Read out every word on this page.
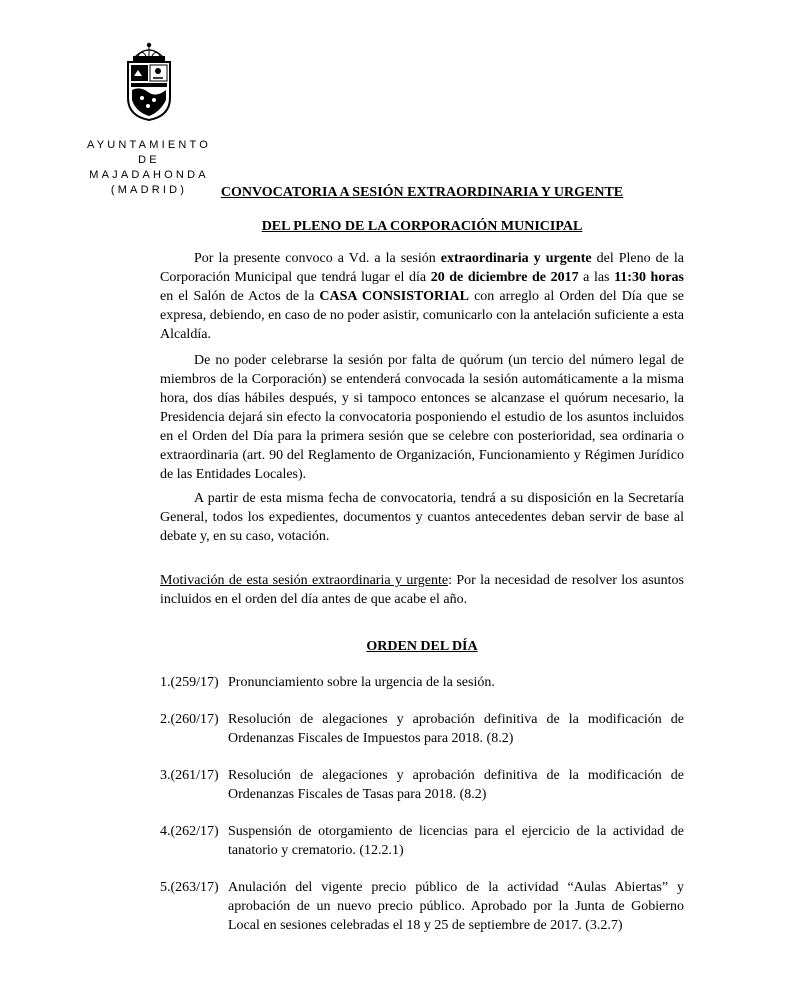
AYUNTAMIENTO DE
MAJADAHONDA
(MADRID)	CONVOCATORIA A SESIÓN EXTRAORDINARIA Y URGENTE
DEL PLENO DE LA CORPORACIÓN MUNICIPAL

Por la presente convoco a Vd. a la sesión extraordinaria y urgente del Pleno de la Corporación Municipal que tendrá lugar el día 20 de diciembre de 2017 a las 11:30 horas en el Salón de Actos de la CASA CONSISTORIAL con arreglo al Orden del Día que se expresa, debiendo, en caso de no poder asistir, comunicarlo con la antelación suficiente a esta Alcaldía.

De no poder celebrarse la sesión por falta de quórum (un tercio del número legal de miembros de la Corporación) se entenderá convocada la sesión automáticamente a la misma hora, dos días hábiles después, y si tampoco entonces se alcanzase el quórum necesario, la Presidencia dejará sin efecto la convocatoria posponiendo el estudio de los asuntos incluidos en el Orden del Día para la primera sesión que se celebre con posterioridad, sea ordinaria o extraordinaria (art. 90 del Reglamento de Organización, Funcionamiento y Régimen Jurídico de las Entidades Locales).

A partir de esta misma fecha de convocatoria, tendrá a su disposición en la Secretaría General, todos los expedientes, documentos y cuantos antecedentes deban servir de base al debate y, en su caso, votación.

Motivación de esta sesión extraordinaria y urgente: Por la necesidad de resolver los asuntos incluidos en el orden del día antes de que acabe el año.

ORDEN DEL DÍA
1.(259/17) Pronunciamiento sobre la urgencia de la sesión.
2.(260/17) Resolución de alegaciones y aprobación definitiva de la modificación de Ordenanzas Fiscales de Impuestos para 2018. (8.2)
3.(261/17) Resolución de alegaciones y aprobación definitiva de la modificación de Ordenanzas Fiscales de Tasas para 2018. (8.2)
4.(262/17) Suspensión de otorgamiento de licencias para el ejercicio de la actividad de tanatorio y crematorio. (12.2.1)
5.(263/17) Anulación del vigente precio público de la actividad “Aulas Abiertas” y aprobación de un nuevo precio público. Aprobado por la Junta de Gobierno Local en sesiones celebradas el 18 y 25 de septiembre de 2017. (3.2.7)
